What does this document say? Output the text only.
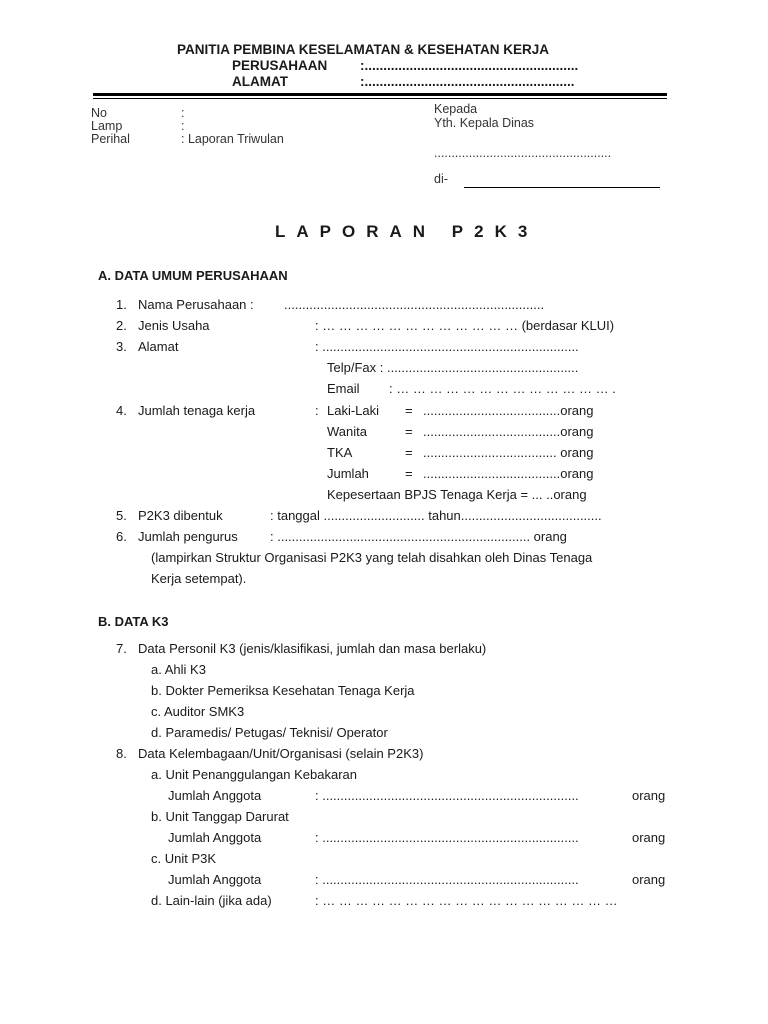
PANITIA PEMBINA KESELAMATAN & KESEHATAN KERJA
PERUSAHAAN :.........................................................
ALAMAT	:........................................................
No	:
Lamp	:
Perihal	: Laporan Triwulan
Kepada
Yth. Kepala Dinas
...................................................
di-
LAPORAN P2K3
A. DATA UMUM PERUSAHAAN
1. Nama Perusahaan : ........................................................................
2. Jenis Usaha	: … … … … … … … … … … … … (berdasar KLUI)
3. Alamat	: .......................................................................
Telp/Fax : .....................................................
Email : … … … … … … … … … … … … … .
4. Jumlah tenaga kerja	: Laki-Laki = ......................................orang
Wanita	= ......................................orang
TKA	= ..................................... orang
Jumlah	= ......................................orang
Kepesertaan BPJS Tenaga Kerja = ... ..orang
5. P2K3 dibentuk	: tanggal ............................ tahun.......................................
6. Jumlah pengurus : ...................................................................... orang
(lampirkan Struktur Organisasi P2K3 yang telah disahkan oleh Dinas Tenaga
Kerja setempat).
B. DATA K3
7. Data Personil K3 (jenis/klasifikasi, jumlah dan masa berlaku)
a. Ahli K3
b. Dokter Pemeriksa Kesehatan Tenaga Kerja
c. Auditor SMK3
d. Paramedis/ Petugas/ Teknisi/ Operator
8. Data Kelembagaan/Unit/Organisasi (selain P2K3)
a. Unit Penanggulangan Kebakaran
Jumlah Anggota	: .......................................................................	orang
b. Unit Tanggap Darurat
Jumlah Anggota	: .......................................................................	orang
c. Unit P3K
Jumlah Anggota	: .......................................................................	orang
d. Lain-lain (jika ada)	: … … … … … … … … … … … … … … … … … …
